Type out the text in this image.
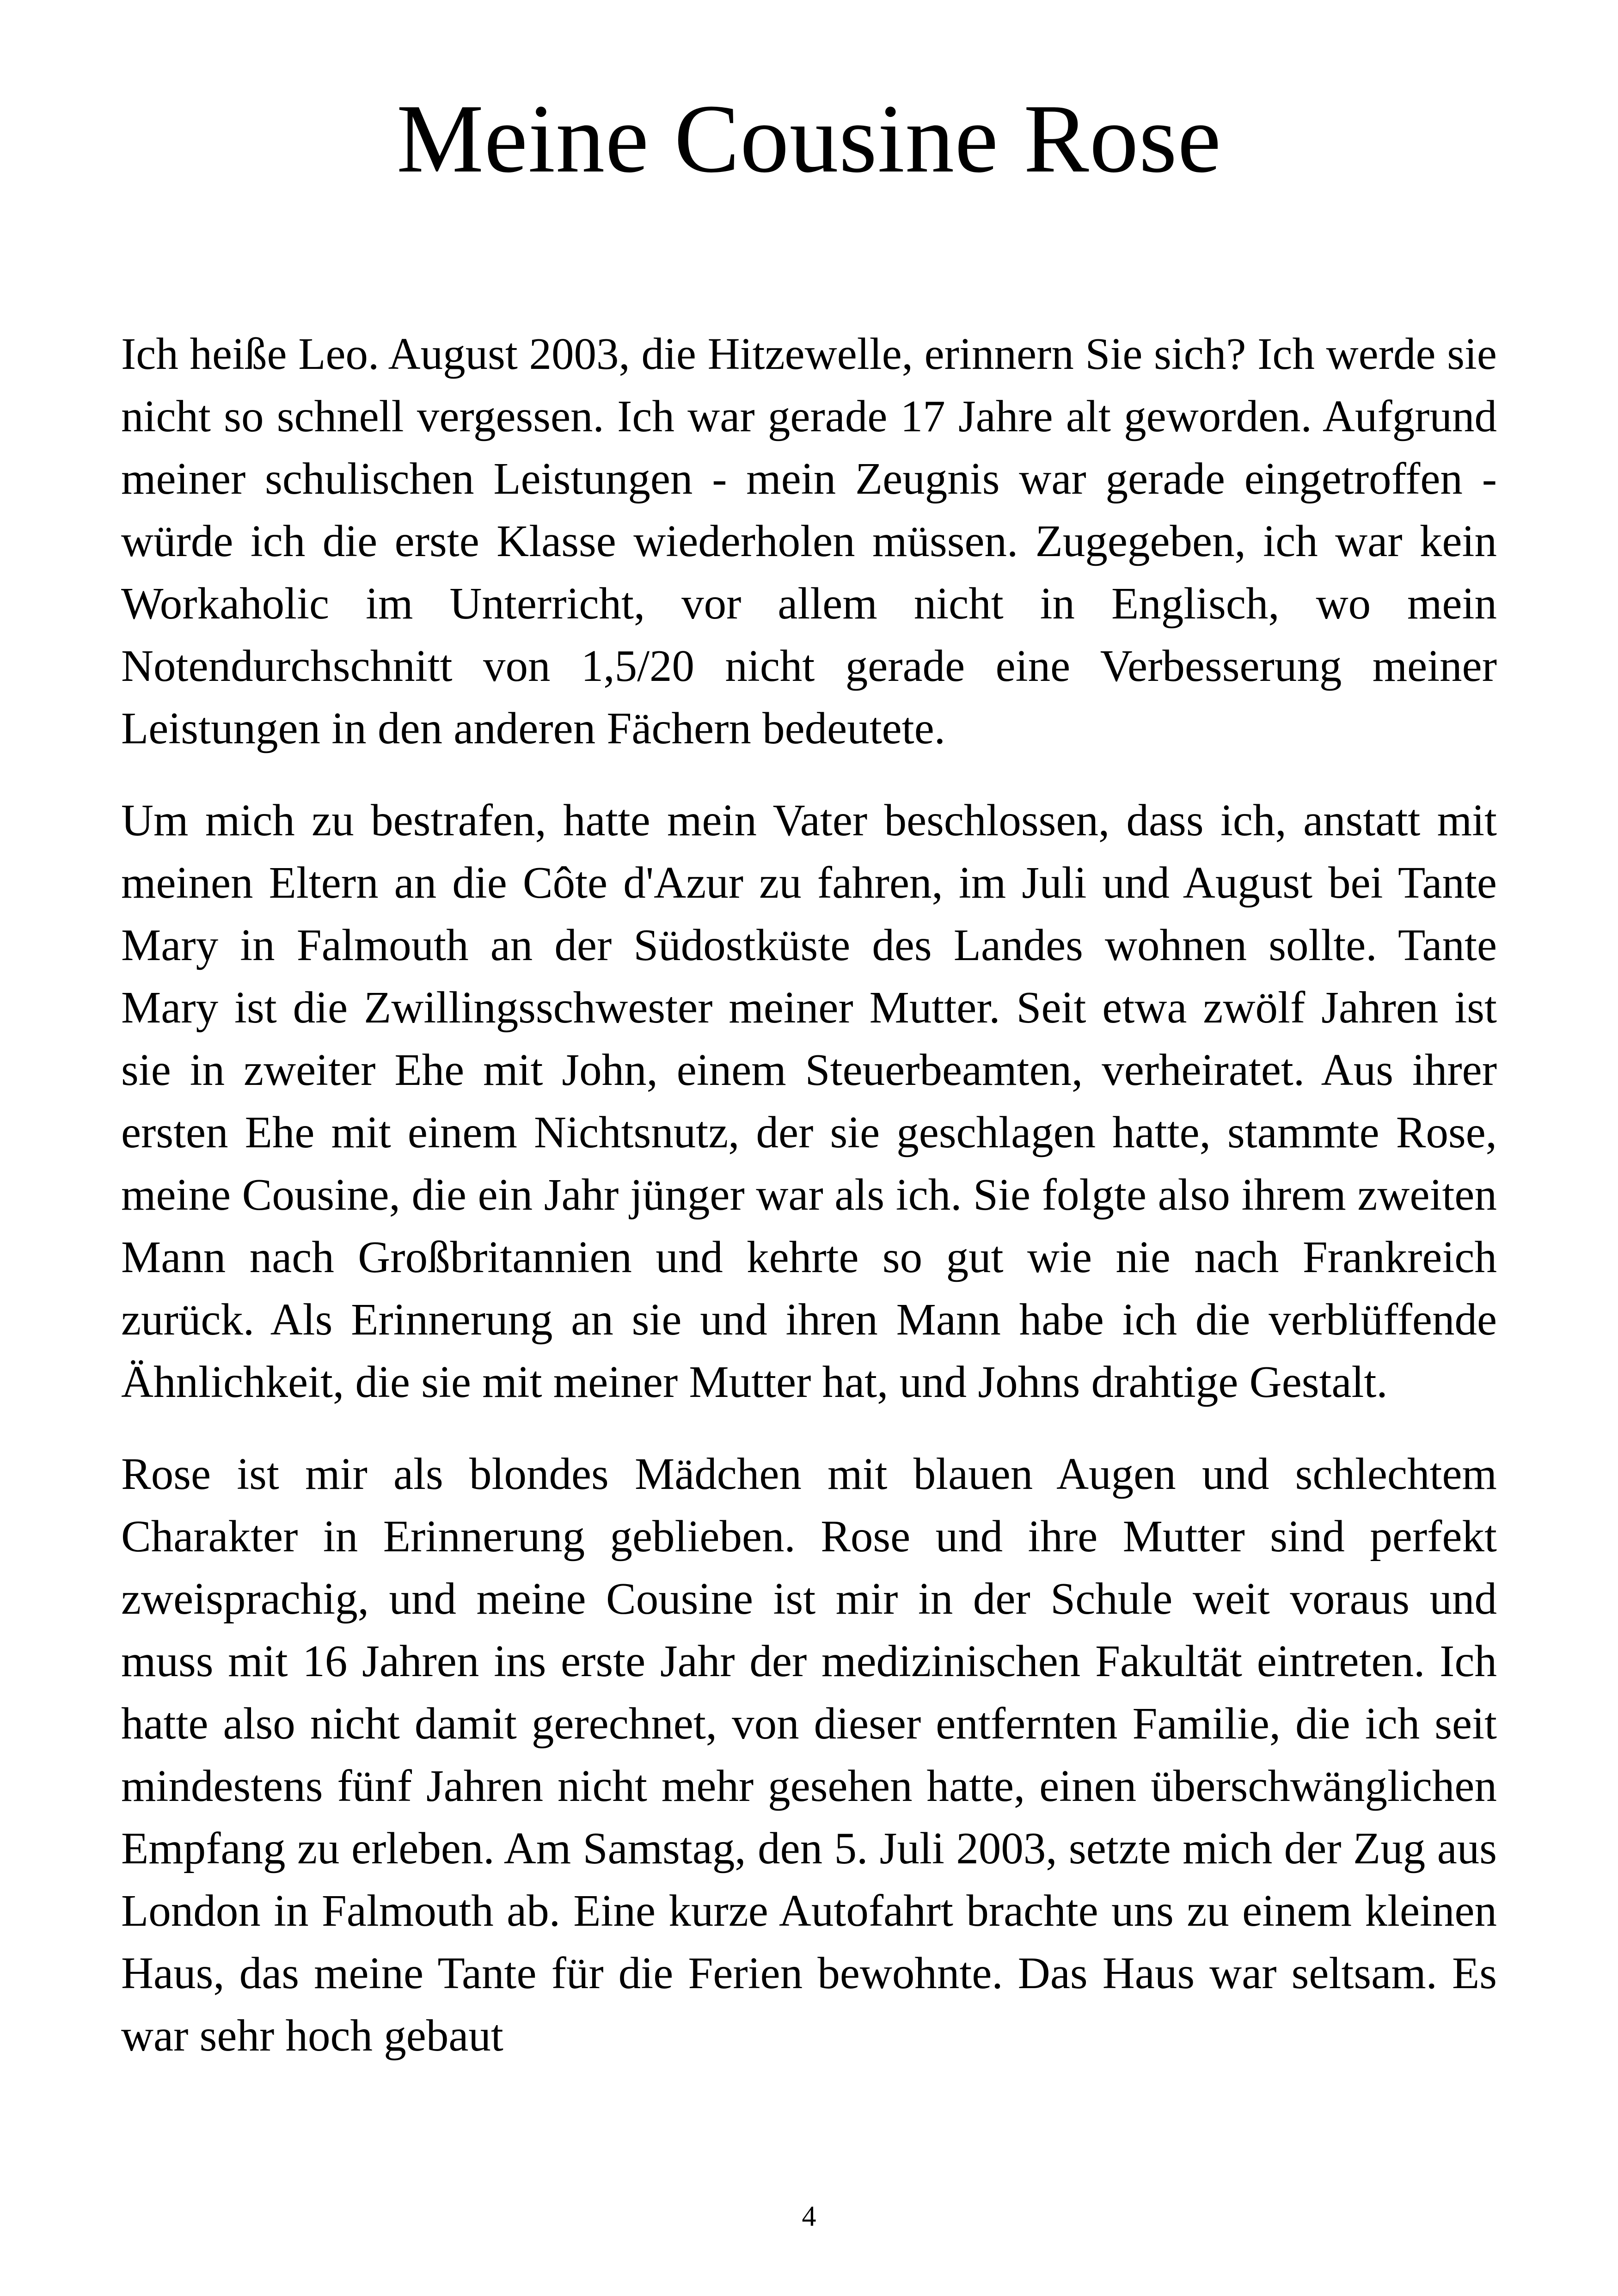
Meine Cousine Rose

Ich heiße Leo. August 2003, die Hitzewelle, erinnern Sie sich? Ich werde sie nicht so schnell vergessen. Ich war gerade 17 Jahre alt geworden. Aufgrund meiner schulischen Leistungen - mein Zeugnis war gerade eingetroffen - würde ich die erste Klasse wiederholen müssen. Zugegeben, ich war kein Workaholic im Unterricht, vor allem nicht in Englisch, wo mein Notendurchschnitt von 1,5/20 nicht gerade eine Verbesserung meiner Leistungen in den anderen Fächern bedeutete.

Um mich zu bestrafen, hatte mein Vater beschlossen, dass ich, anstatt mit meinen Eltern an die Côte d'Azur zu fahren, im Juli und August bei Tante Mary in Falmouth an der Südostküste des Landes wohnen sollte. Tante Mary ist die Zwillingsschwester meiner Mutter. Seit etwa zwölf Jahren ist sie in zweiter Ehe mit John, einem Steuerbeamten, verheiratet. Aus ihrer ersten Ehe mit einem Nichtsnutz, der sie geschlagen hatte, stammte Rose, meine Cousine, die ein Jahr jünger war als ich. Sie folgte also ihrem zweiten Mann nach Großbritannien und kehrte so gut wie nie nach Frankreich zurück. Als Erinnerung an sie und ihren Mann habe ich die verblüffende Ähnlichkeit, die sie mit meiner Mutter hat, und Johns drahtige Gestalt.

Rose ist mir als blondes Mädchen mit blauen Augen und schlechtem Charakter in Erinnerung geblieben. Rose und ihre Mutter sind perfekt zweisprachig, und meine Cousine ist mir in der Schule weit voraus und muss mit 16 Jahren ins erste Jahr der medizinischen Fakultät eintreten. Ich hatte also nicht damit gerechnet, von dieser entfernten Familie, die ich seit mindestens fünf Jahren nicht mehr gesehen hatte, einen überschwänglichen Empfang zu erleben. Am Samstag, den 5. Juli 2003, setzte mich der Zug aus London in Falmouth ab. Eine kurze Autofahrt brachte uns zu einem kleinen Haus, das meine Tante für die Ferien bewohnte. Das Haus war seltsam. Es war sehr hoch gebaut

4
